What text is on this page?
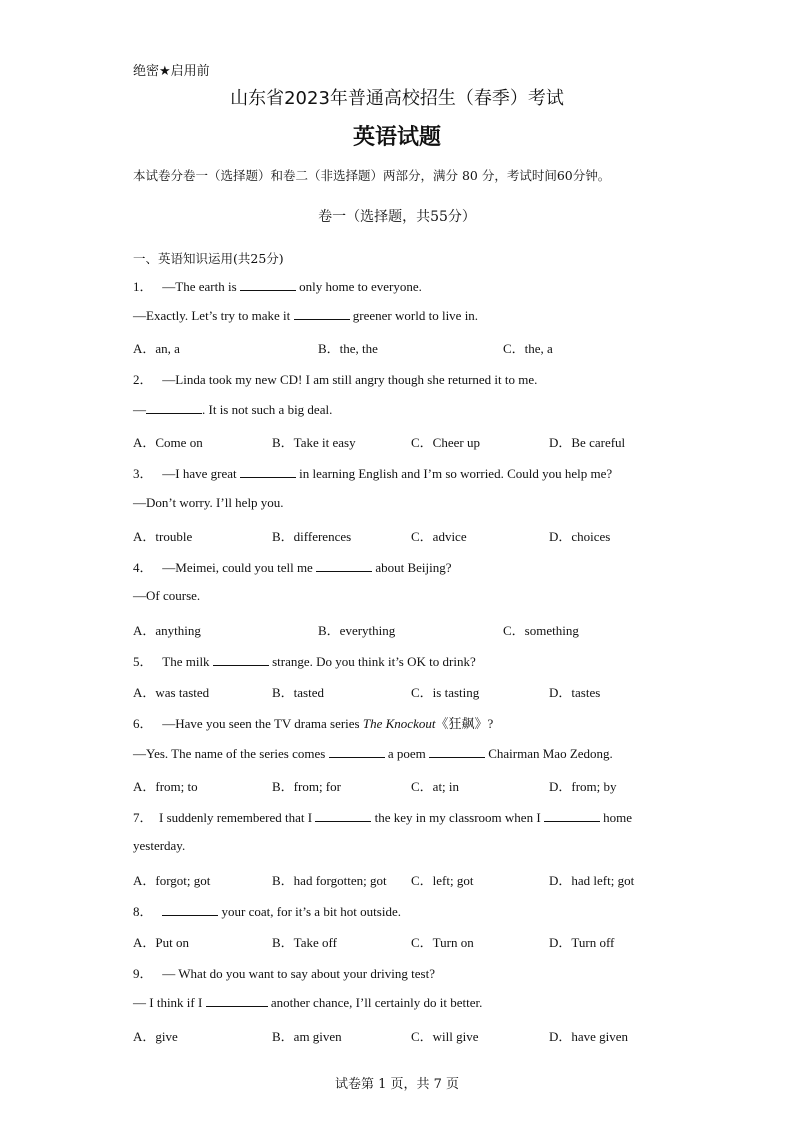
绝密★启用前
山东省2023年普通高校招生（春季）考试
英语试题
本试卷分卷一（选择题）和卷二（非选择题）两部分，满分 80 分，考试时间60分钟。
卷一（选择题，共55分）
一、英语知识运用(共25分)
1． —The earth is	only home to everyone.
—Exactly. Let’s try to make it	greener world to live in.
A．an, a	B．the, the	C．the, a
2． —Linda took my new CD! I am still angry though she returned it to me.
—	. It is not such a big deal.
A．Come on	B．Take it easy	C．Cheer up	D．Be careful
3． —I have great	in learning English and I’m so worried. Could you help me?
—Don’t worry. I’ll help you.
A．trouble	B．differences	C．advice	D．choices
4． —Meimei, could you tell me	about Beijing?
—Of course.
A．anything	B．everything	C．something
5． The milk	strange. Do you think it’s OK to drink?
A．was tasted	B．tasted	C．is tasting	D．tastes
6． —Have you seen the TV drama series The Knockout《狂飙》?
—Yes. The name of the series comes	a poem	Chairman Mao Zedong.
A．from; to	B．from; for	C．at; in	D．from; by
7． I suddenly remembered that I	the key in my classroom when I	home
yesterday.
A．forgot; got	B．had forgotten; got C．left; got	D．had left; got
8．	your coat, for it’s a bit hot outside.
A．Put on	B．Take off	C．Turn on	D．Turn off
9． — What do you want to say about your driving test?
— I think if I	another chance, I’ll certainly do it better.
A．give	B．am given	C．will give	D．have given
试卷第 1 页，共 7 页
